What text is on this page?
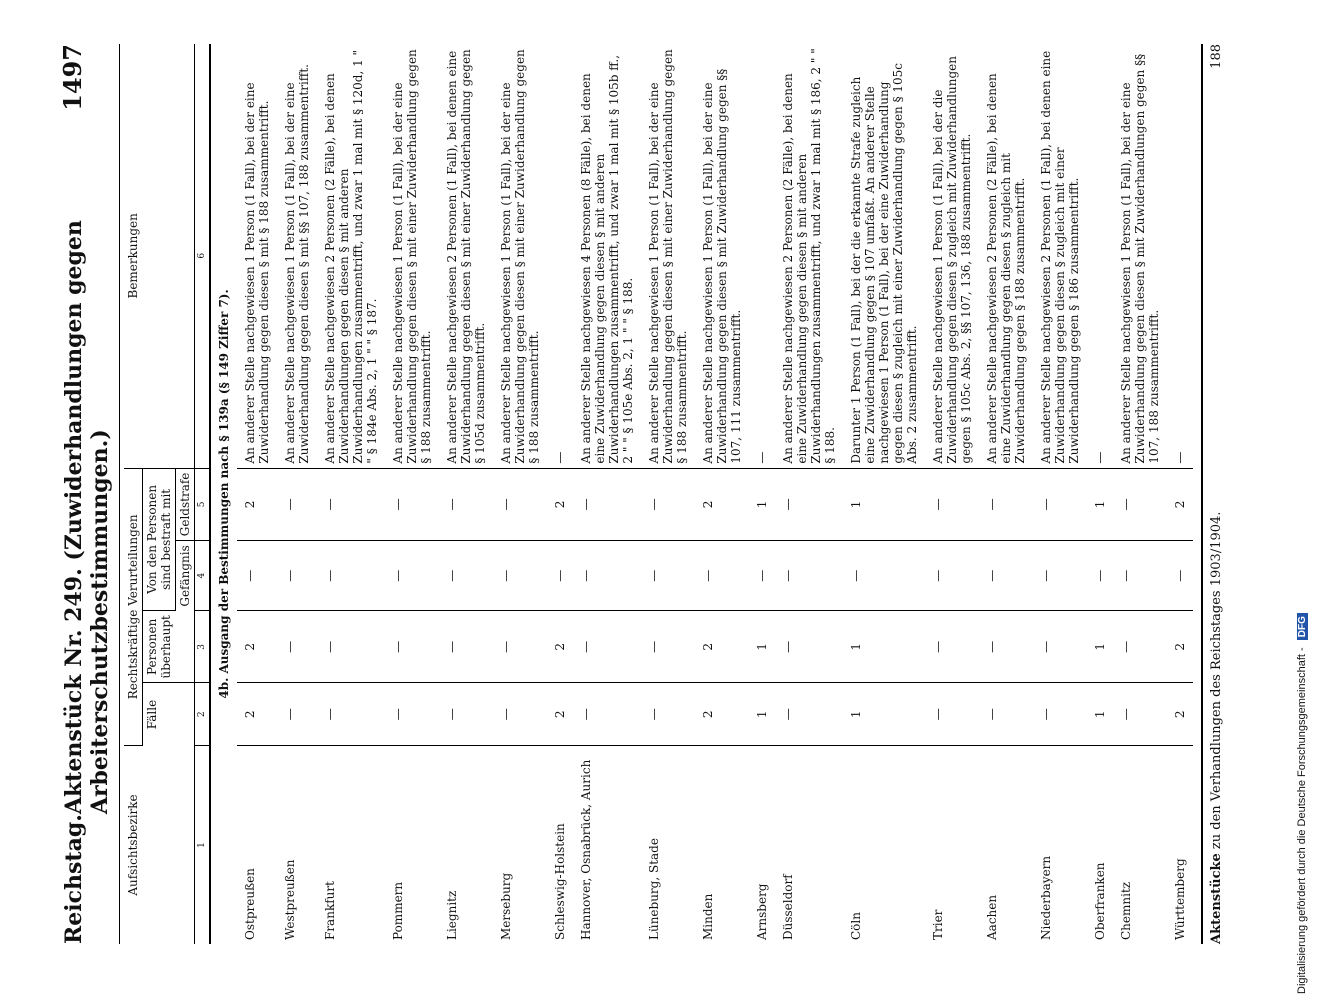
Reichstag.
Aktenstück Nr. 249. (Zuwiderhandlungen gegen Arbeiterschutzbestimmungen.)
1497
Aufsichtsbezirke	Rechtskräftige Verurteilungen				Bemerkungen
	Fälle	Personen überhaupt	Von den Personen sind bestraft mit		
			Gefängnis	Geldstrafe	
1	2	3	4	5	6
4b. Ausgang der Bestimmungen nach § 139a (§ 149 Ziffer 7).					
Ostpreußen	2	2	—	2	An anderer Stelle nachgewiesen 1 Person (1 Fall), bei der eine Zuwiderhandlung gegen diesen § mit § 188 zusammentrifft.
Westpreußen	—	—	—	—	An anderer Stelle nachgewiesen 1 Person (1 Fall), bei der eine Zuwiderhandlung gegen diesen § mit §§ 107, 188 zusammentrifft.
Frankfurt	—	—	—	—	An anderer Stelle nachgewiesen 2 Personen (2 Fälle), bei denen Zuwiderhandlungen gegen diesen § mit anderen Zuwiderhandlungen zusammentrifft, und zwar 1 mal mit § 120d, 1 " " § 184e Abs. 2, 1 " " § 187.
Pommern	—	—	—	—	An anderer Stelle nachgewiesen 1 Person (1 Fall), bei der eine Zuwiderhandlung gegen diesen § mit einer Zuwiderhandlung gegen § 188 zusammentrifft.
Liegnitz	—	—	—	—	An anderer Stelle nachgewiesen 2 Personen (1 Fall), bei denen eine Zuwiderhandlung gegen diesen § mit einer Zuwiderhandlung gegen § 105d zusammentrifft.
Merseburg	—	—	—	—	An anderer Stelle nachgewiesen 1 Person (1 Fall), bei der eine Zuwiderhandlung gegen diesen § mit einer Zuwiderhandlung gegen § 188 zusammentrifft.
Schleswig-Holstein	2	2	—	2	—
Hannover, Osnabrück, Aurich	—	—	—	—	An anderer Stelle nachgewiesen 4 Personen (8 Fälle), bei denen eine Zuwiderhandlung gegen diesen § mit anderen Zuwiderhandlungen zusammentrifft, und zwar 1 mal mit § 105b ff., 2 " " § 105e Abs. 2, 1 " " § 188.
Lüneburg, Stade	—	—	—	—	An anderer Stelle nachgewiesen 1 Person (1 Fall), bei der eine Zuwiderhandlung gegen diesen § mit einer Zuwiderhandlung gegen § 188 zusammentrifft.
Minden	2	2	—	2	An anderer Stelle nachgewiesen 1 Person (1 Fall), bei der eine Zuwiderhandlung gegen diesen § mit Zuwiderhandlung gegen §§ 107, 111 zusammentrifft.
Arnsberg	1	1	—	1	—
Düsseldorf	—	—	—	—	An anderer Stelle nachgewiesen 2 Personen (2 Fälle), bei denen eine Zuwiderhandlung gegen diesen § mit anderen Zuwiderhandlungen zusammentrifft, und zwar 1 mal mit § 186, 2 " " § 188.
Cöln	1	1	—	1	Darunter 1 Person (1 Fall), bei der die erkannte Strafe zugleich eine Zuwiderhandlung gegen § 107 umfaßt. An anderer Stelle nachgewiesen 1 Person (1 Fall), bei der eine Zuwiderhandlung gegen diesen § zugleich mit einer Zuwiderhandlung gegen § 105c Abs. 2 zusammentrifft.
Trier	—	—	—	—	An anderer Stelle nachgewiesen 1 Person (1 Fall), bei der die Zuwiderhandlung gegen diesen § zugleich mit Zuwiderhandlungen gegen § 105c Abs. 2, §§ 107, 136, 188 zusammentrifft.
Aachen	—	—	—	—	An anderer Stelle nachgewiesen 2 Personen (2 Fälle), bei denen eine Zuwiderhandlung gegen diesen § zugleich mit Zuwiderhandlung gegen § 188 zusammentrifft.
Niederbayern	—	—	—	—	An anderer Stelle nachgewiesen 2 Personen (1 Fall), bei denen eine Zuwiderhandlung gegen diesen § zugleich mit einer Zuwiderhandlung gegen § 186 zusammentrifft.
Oberfranken	1	1	—	1	—
Chemnitz	—	—	—	—	An anderer Stelle nachgewiesen 1 Person (1 Fall), bei der eine Zuwiderhandlung gegen diesen § mit Zuwiderhandlungen gegen §§ 107, 188 zusammentrifft.
Württemberg	2	2	—	2	—
Aktenstücke zu den Verhandlungen des Reichstages 1903/1904.
188
Digitalisierung gefördert durch die Deutsche Forschungsgemeinschaft - DFG
